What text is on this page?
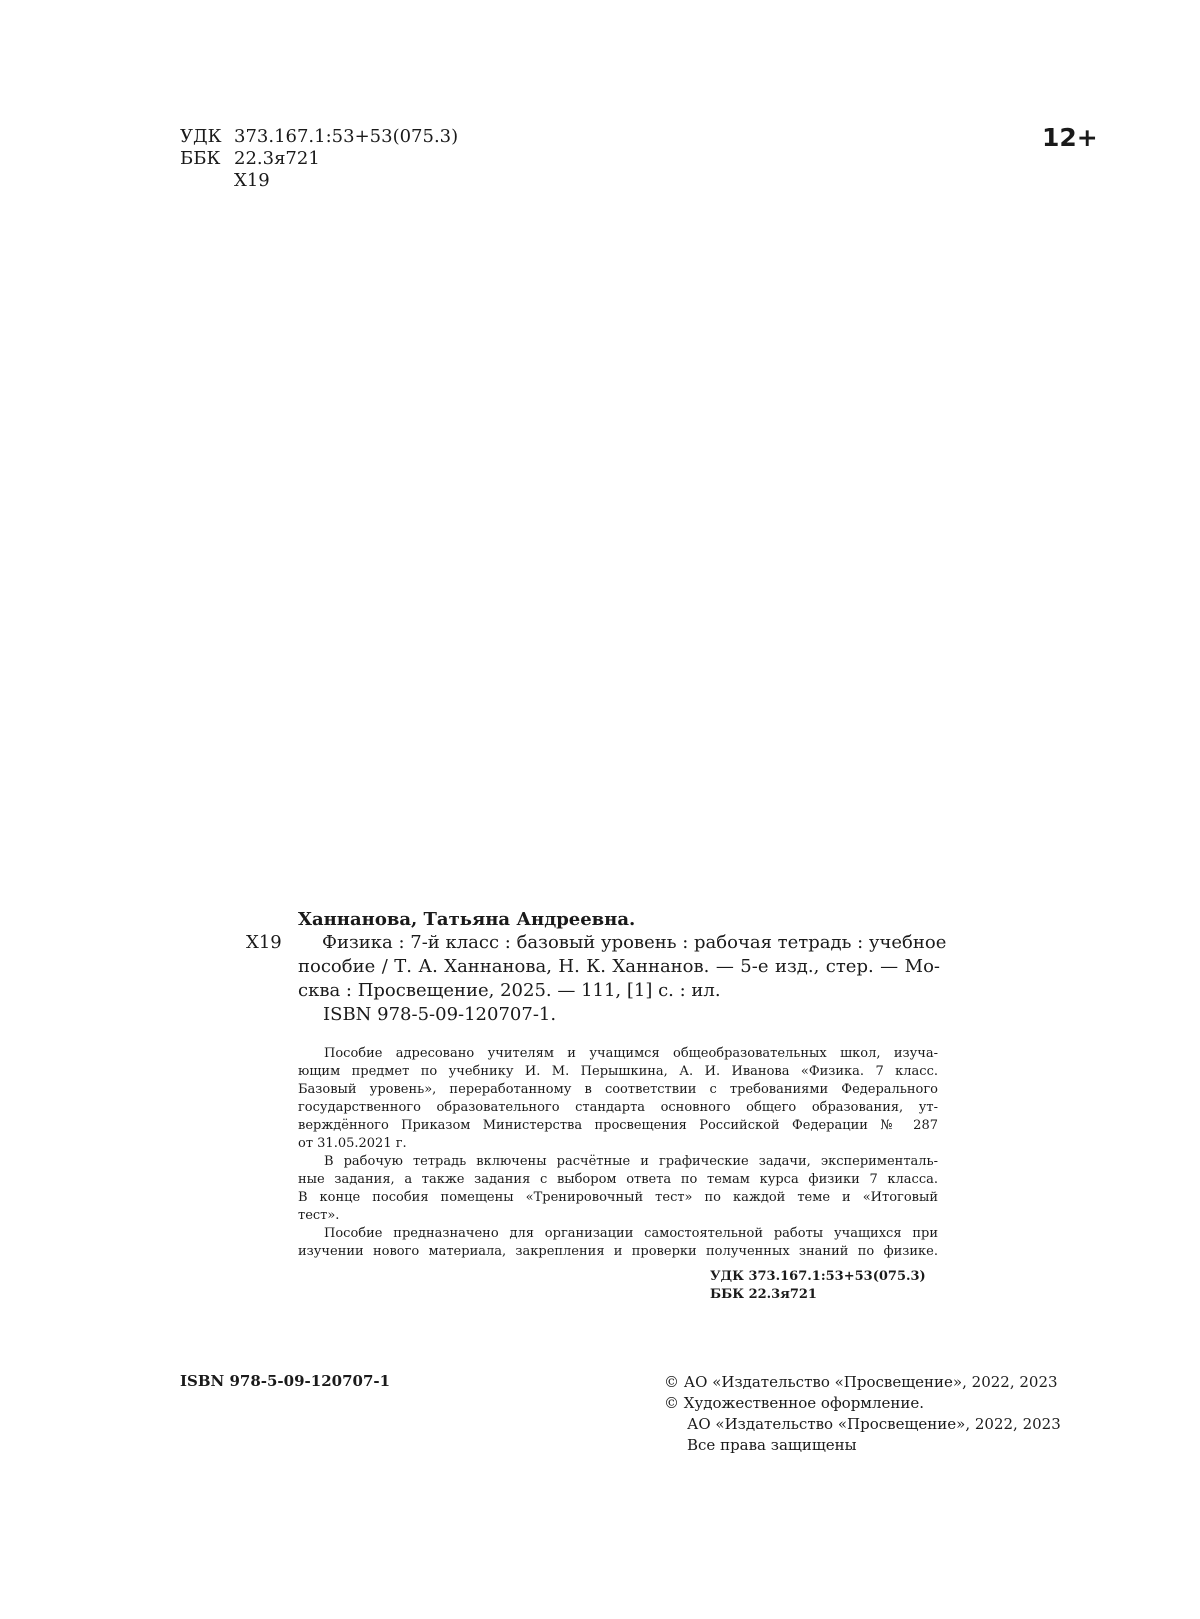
УДК 373.167.1:53+53(075.3)
ББК 22.3я721
Х19
12+
Ханнанова, Татьяна Андреевна.
Х19	Физика : 7-й класс : базовый уровень : рабочая тетрадь : учебное
пособие / Т. А. Ханнанова, Н. К. Ханнанов. — 5-е изд., стер. — Мо-
сква : Просвещение, 2025. — 111, [1] с. : ил.
ISBN 978-5-09-120707-1.
Пособие адресовано учителям и учащимся общеобразовательных школ, изуча-
ющим предмет по учебнику И. М. Перышкина, А. И. Иванова «Физика. 7 класс.
Базовый уровень», переработанному в соответствии с требованиями Федерального
государственного образовательного стандарта основного общего образования, ут-
верждённого Приказом Министерства просвещения Российской Федерации № 287
от 31.05.2021 г.
В рабочую тетрадь включены расчётные и графические задачи, эксперименталь-
ные задания, а также задания с выбором ответа по темам курса физики 7 класса.
В конце пособия помещены «Тренировочный тест» по каждой теме и «Итоговый
тест».
Пособие предназначено для организации самостоятельной работы учащихся при
изучении нового материала, закрепления и проверки полученных знаний по физике.
УДК 373.167.1:53+53(075.3)
ББК 22.3я721
ISBN 978-5-09-120707-1	© АО «Издательство «Просвещение», 2022, 2023
© Художественное оформление.
АО «Издательство «Просвещение», 2022, 2023
Все права защищены
